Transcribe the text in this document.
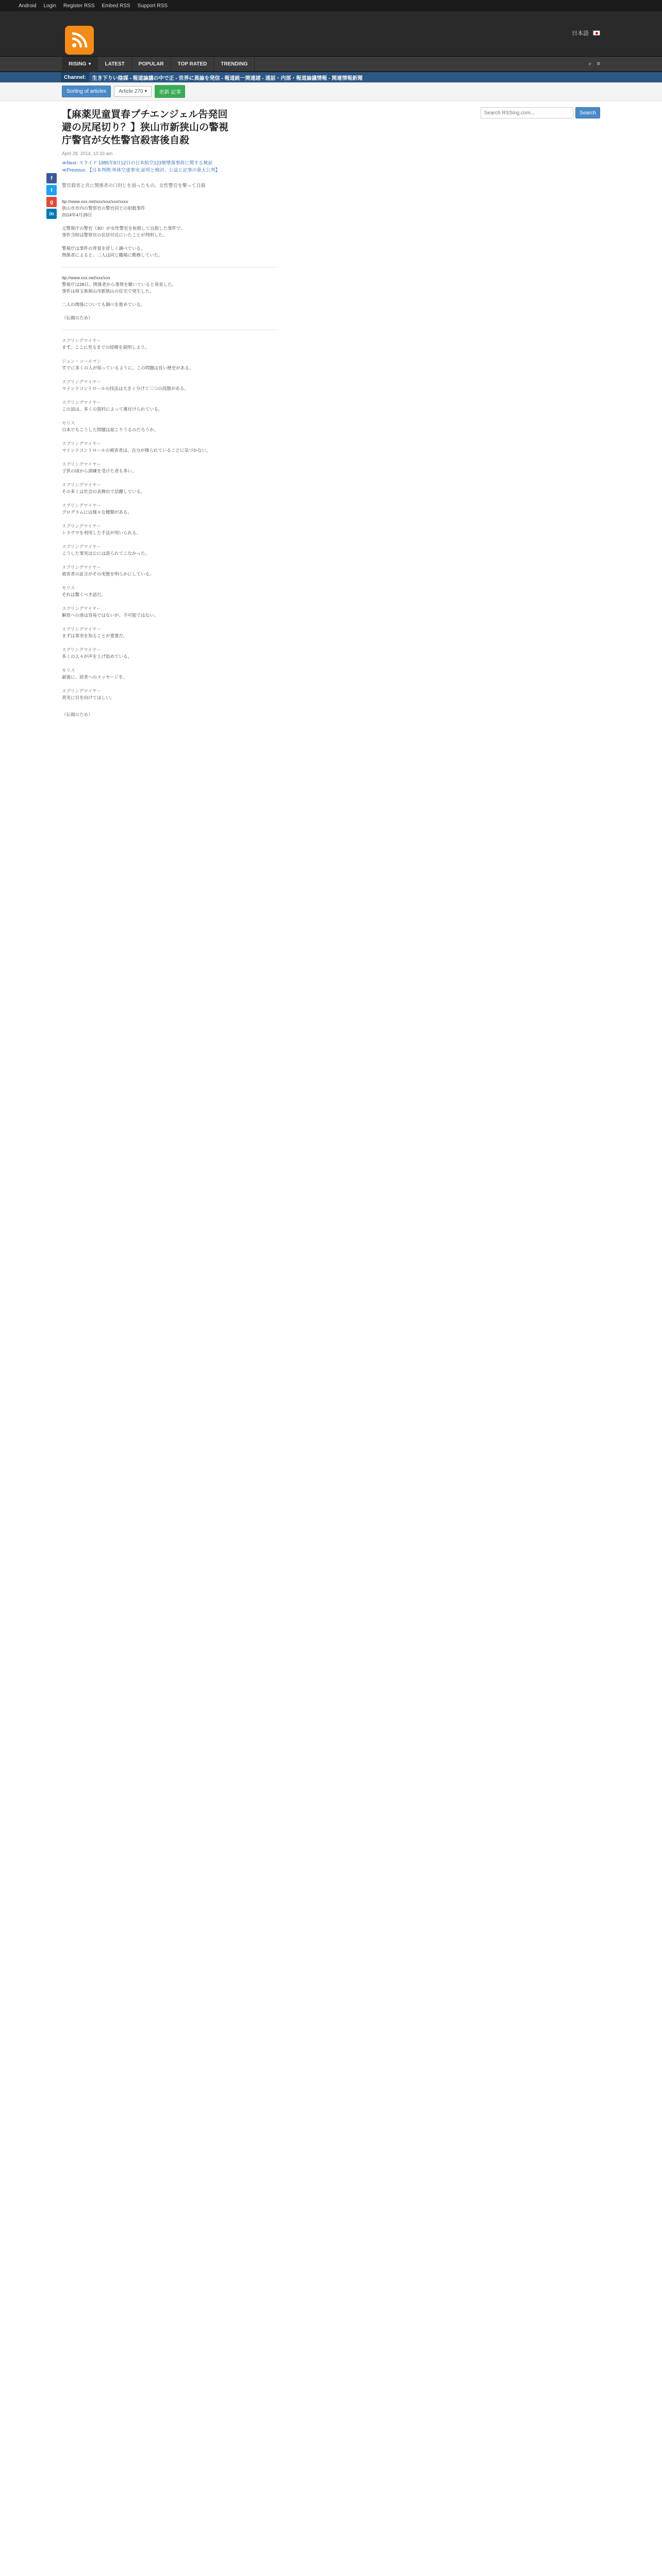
Android Login Register RSS Embed RSS Support RSS
日本語
RISING ▾	LATEST	POPULAR	TOP RATED	TRENDING	⌕ ≡
Channel:	生き下りい陰謀 - 報道論議の中で正 - 世界に異論を発信 - 報道統一関連諸 - 通話・内部・報道論議情報 - 関連情報新聞
Sorting of articles	Article 270 ▾	更新 記事
Search RSSing.com...
Search
f
t
g
in
【麻薬児童買春プチエンジェル告発回避の尻尾切り？】狭山市新狭山の警視庁警官が女性警官殺害後自殺
April 28, 2014, 10:33 am
≫Next: スライド:1985年8月12日の日本航空123便墜落事故に関する検証
≪Previous: 【日本判例:単体空虚事実:証明と検討、公益と記事の重大公判】
警官殺害と共に関係者の口封じを図ったもの。女性警官を撃って自殺
ttp://www.xxx.net/xxx/xxx/xxx/xxxx
狭山市市内の警察官の警官同士の射殺事件
2014年4月28日

元警視庁の警官（30）が女性警官を射殺して自殺した事件で、
事件当時は警察官の住居付近にいたことが判明した。

警視庁は事件の背景を詳しく調べている。
関係者によると、二人は同じ職場に勤務していた。
ttp://www.xxx.net/xxx/xxx
警視庁は28日、関係者から事情を聴いていると発表した。
事件は埼玉県狭山市新狭山の住宅で発生した。

二人の関係についても調べを進めている。

（伝聞のため）
スプリングマイヤー
まず、ここに至るまでの経緯を説明しよう。
ジョン・コールマン
すでに多くの人が知っているように、この問題は長い歴史がある。
スプリングマイヤー
マインドコントロールの技法は大きく分けて三つの段階がある。
スプリングマイヤー
この話は、多くの資料によって裏付けられている。
モリス
日本でもこうした問題は起こりうるのだろうか。
スプリングマイヤー
マインドコントロールの被害者は、自分が操られていることに気づかない。
スプリングマイヤー
子供の頃から訓練を受けた者も多い。
スプリングマイヤー
その多くは社会の表舞台で活躍している。
スプリングマイヤー
プログラムには様々な種類がある。
スプリングマイヤー
トラウマを利用した手法が用いられる。
スプリングマイヤー
こうした事実は公には語られてこなかった。
スプリングマイヤー
被害者の証言がその実態を明らかにしている。
モリス
それは驚くべき話だ。
スプリングマイヤー
解放への道は容易ではないが、不可能ではない。
スプリングマイヤー
まずは事実を知ることが重要だ。
スプリングマイヤー
多くの人々が声を上げ始めている。
モリス
最後に、読者へのメッセージを。
スプリングマイヤー
真実に目を向けてほしい。
（伝聞のため）
